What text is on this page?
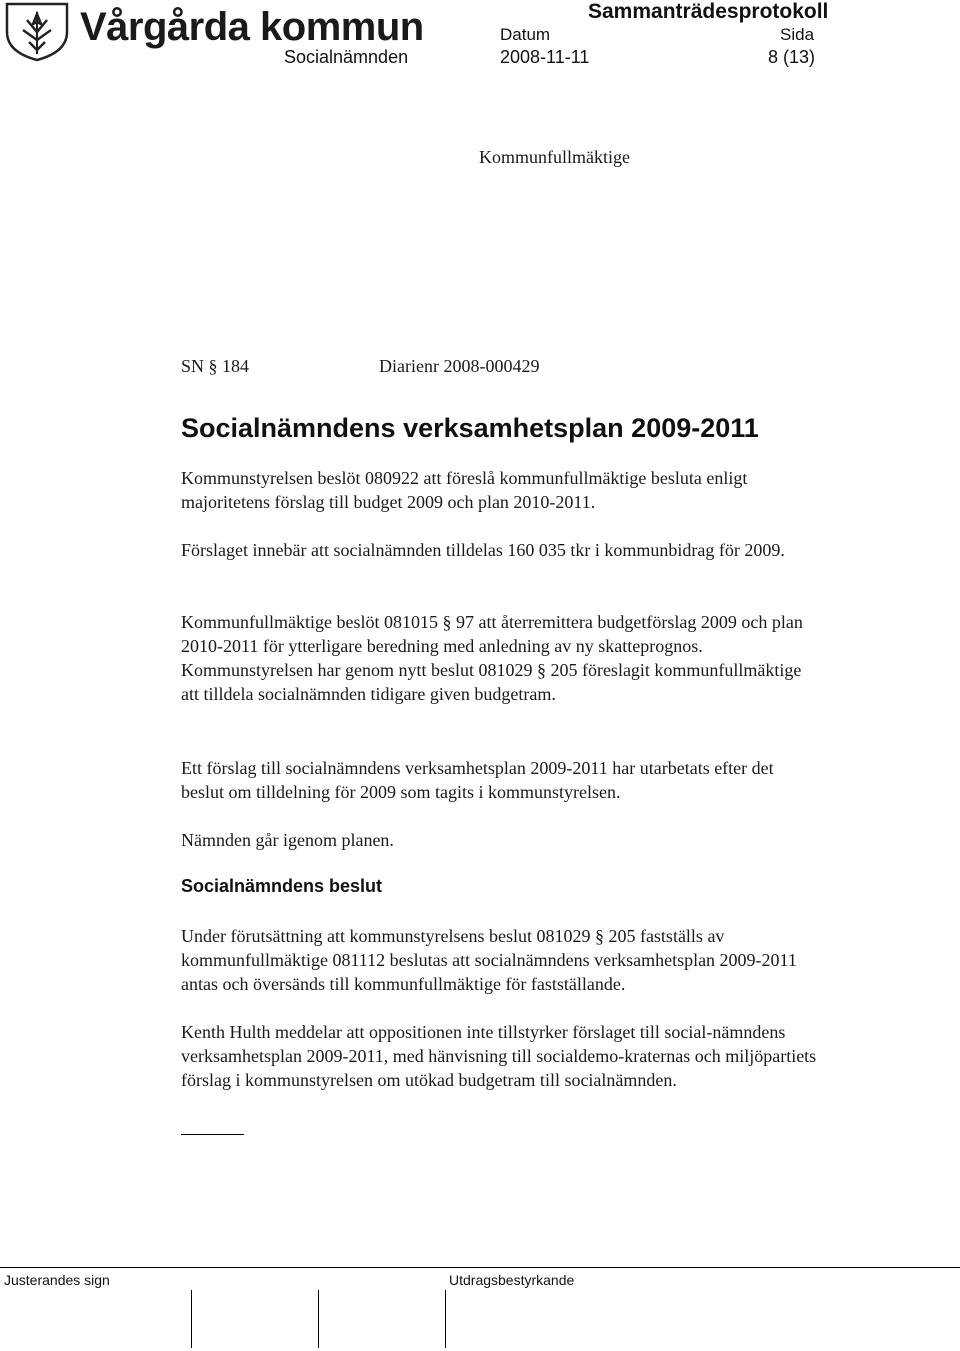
Vårgårda kommun	Sammanträdesprotokoll
Datum	Sida
Socialnämnden	2008-11-11	8 (13)
Kommunfullmäktige
SN § 184	Diarienr 2008-000429
Socialnämndens verksamhetsplan 2009-2011
Kommunstyrelsen beslöt 080922 att föreslå kommunfullmäktige besluta enligt majoritetens förslag till budget 2009 och plan 2010-2011.
Förslaget innebär att socialnämnden tilldelas 160 035 tkr i kommunbidrag för 2009.
Kommunfullmäktige beslöt 081015 § 97 att återremittera budgetförslag 2009 och plan 2010-2011 för ytterligare beredning med anledning av ny skatteprognos. Kommunstyrelsen har genom nytt beslut 081029 § 205 föreslagit kommunfullmäktige att tilldela socialnämnden tidigare given budgetram.
Ett förslag till socialnämndens verksamhetsplan 2009-2011 har utarbetats efter det beslut om tilldelning för 2009 som tagits i kommunstyrelsen.
Nämnden går igenom planen.
Socialnämndens beslut
Under förutsättning att kommunstyrelsens beslut 081029 § 205 fastställs av kommunfullmäktige 081112 beslutas att socialnämndens verksamhetsplan 2009-2011 antas och översänds till kommunfullmäktige för fastställande.
Kenth Hulth meddelar att oppositionen inte tillstyrker förslaget till social-nämndens verksamhetsplan 2009-2011, med hänvisning till socialdemo-kraternas och miljöpartiets förslag i kommunstyrelsen om utökad budgetram till socialnämnden.
Justerandes sign	Utdragsbestyrkande
